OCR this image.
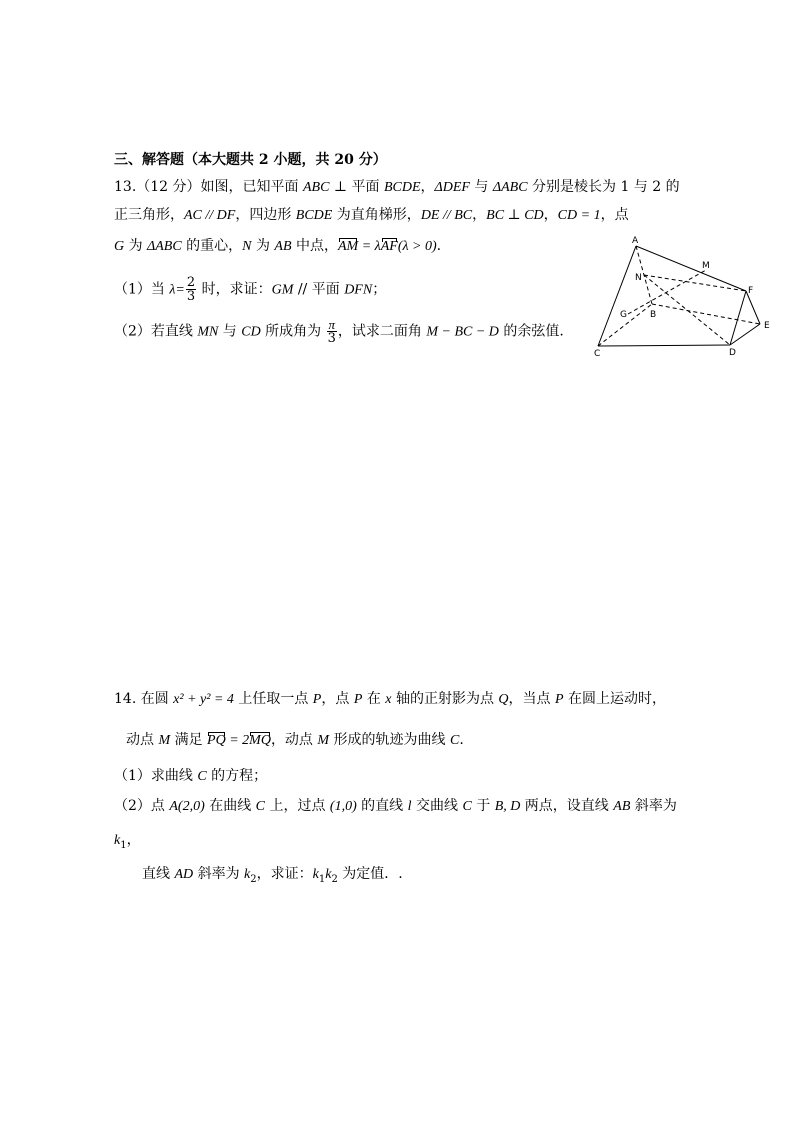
三、解答题（本大题共 2 小题，共 20 分）
13.（12 分）如图，已知平面 ABC ⊥ 平面 BCDE，ΔDEF 与 ΔABC 分别是棱长为 1 与 2 的
正三角形，AC // DF，四边形 BCDE 为直角梯形，DE // BC，BC ⊥ CD，CD = 1，点
G 为 ΔABC 的重心，N 为 AB 中点，AM = λAF(λ > 0).
（1）当 $\lambda= \frac{2}{3}$ 时，求证：GM // 平面 DFN；
（2）若直线 MN 与 CD 所成角为 $\frac{\pi}{3}$ ，试求二面角 M − BC − D 的余弦值.
A
M
N
F
G	B
E
C	D
14. 在圆 x² + y² = 4 上任取一点 P，点 P 在 x 轴的正射影为点 Q，当点 P 在圆上运动时，
动点 M 满足 PQ = 2MQ，动点 M 形成的轨迹为曲线 C.
（1）求曲线 C 的方程；
（2）点 A(2,0) 在曲线 C 上，过点 (1,0) 的直线 l 交曲线 C 于 B, D 两点，设直线 AB 斜率为
$k_1$，
直线 AD 斜率为 $k_2$，求证：$k_1k_2$ 为定值．.
